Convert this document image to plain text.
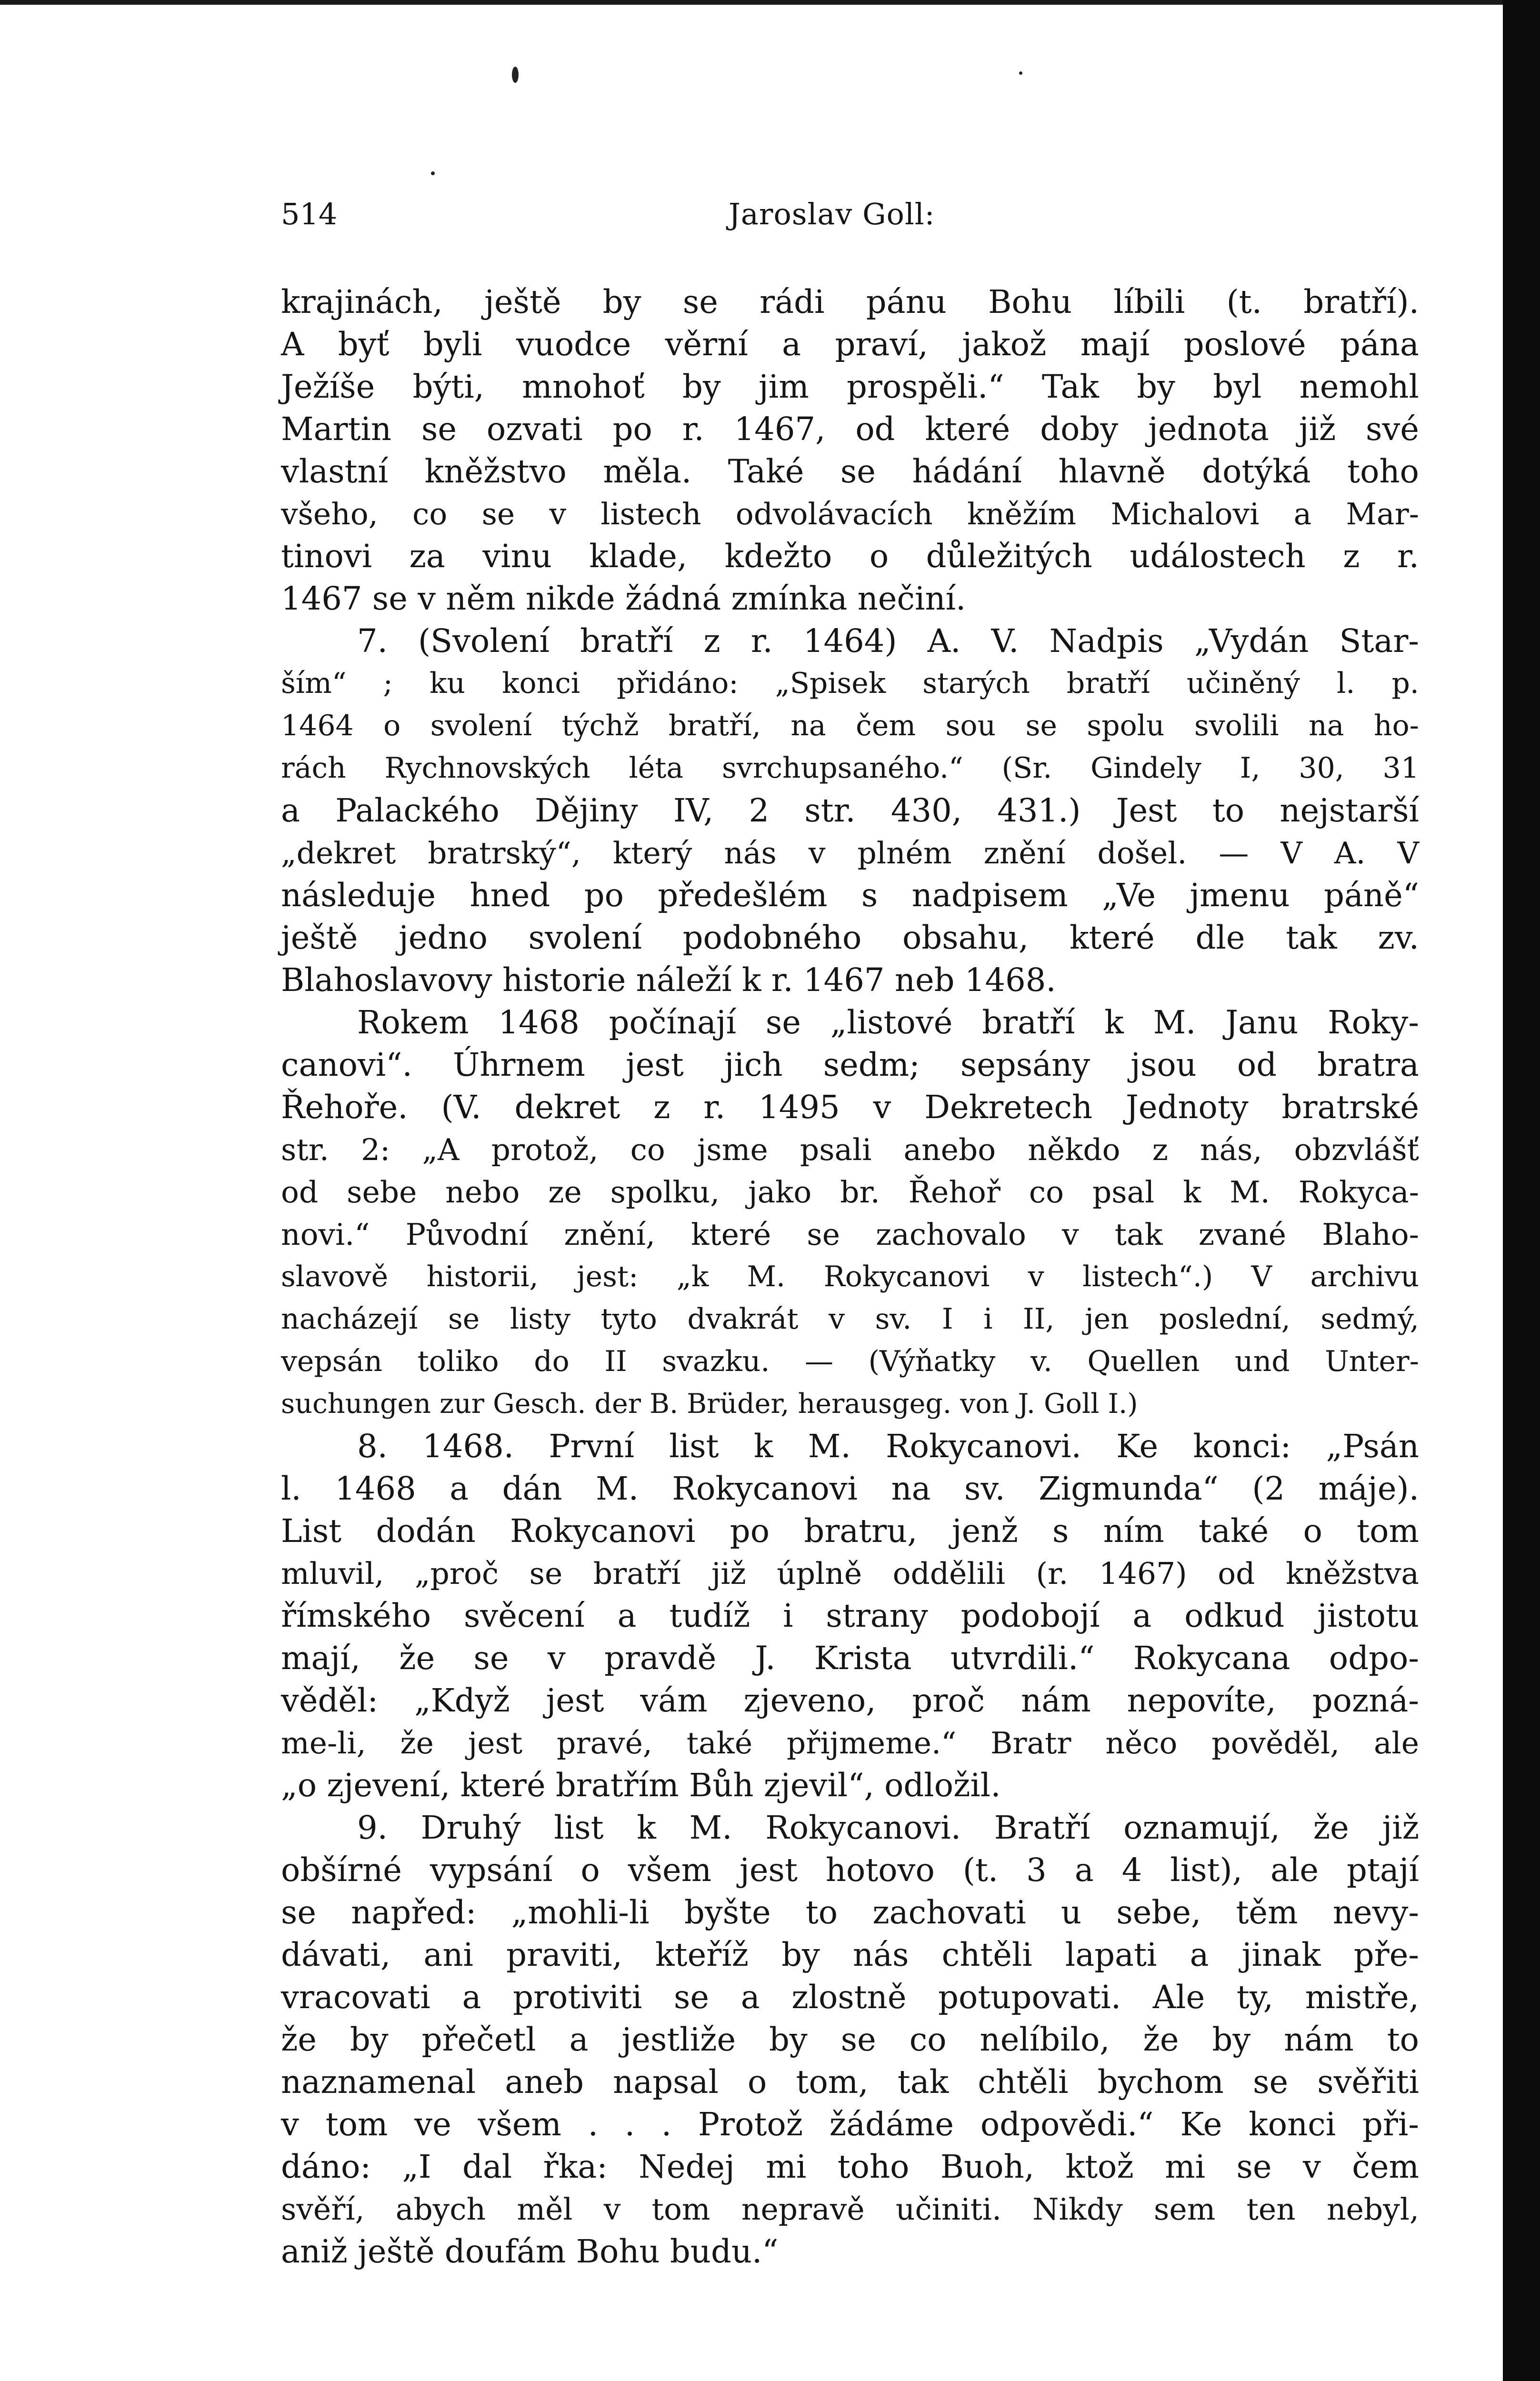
514	Jaroslav Goll:
krajinách, ještě by se rádi pánu Bohu líbili (t. bratří).
A byť byli vuodce věrní a praví, jakož mají poslové pána
Ježíše býti, mnohoť by jim prospěli.“ Tak by byl nemohl
Martin se ozvati po r. 1467, od které doby jednota již své
vlastní kněžstvo měla. Také se hádání hlavně dotýká toho
všeho, co se v listech odvolávacích kněžím Michalovi a Mar-
tinovi za vinu klade, kdežto o důležitých událostech z r.
1467 se v něm nikde žádná zmínka nečiní.
7. (Svolení bratří z r. 1464) A. V. Nadpis „Vydán Star-
ším“ ; ku konci přidáno: „Spisek starých bratří učiněný l. p.
1464 o svolení týchž bratří, na čem sou se spolu svolili na ho-
rách Rychnovských léta svrchupsaného.“ (Sr. Gindely I, 30, 31
a Palackého Dějiny IV, 2 str. 430, 431.) Jest to nejstarší
„dekret bratrský“, který nás v plném znění došel. — V A. V
následuje hned po předešlém s nadpisem „Ve jmenu páně“
ještě jedno svolení podobného obsahu, které dle tak zv.
Blahoslavovy historie náleží k r. 1467 neb 1468.
Rokem 1468 počínají se „listové bratří k M. Janu Roky-
canovi“. Úhrnem jest jich sedm; sepsány jsou od bratra
Řehoře. (V. dekret z r. 1495 v Dekretech Jednoty bratrské
str. 2: „A protož, co jsme psali anebo někdo z nás, obzvlášť
od sebe nebo ze spolku, jako br. Řehoř co psal k M. Rokyca-
novi.“ Původní znění, které se zachovalo v tak zvané Blaho-
slavově historii, jest: „k M. Rokycanovi v listech“.) V archivu
nacházejí se listy tyto dvakrát v sv. I i II, jen poslední, sedmý,
vepsán toliko do II svazku. — (Výňatky v. Quellen und Unter-
suchungen zur Gesch. der B. Brüder, herausgeg. von J. Goll I.)
8. 1468. První list k M. Rokycanovi. Ke konci: „Psán
l. 1468 a dán M. Rokycanovi na sv. Zigmunda“ (2 máje).
List dodán Rokycanovi po bratru, jenž s ním také o tom
mluvil, „proč se bratří již úplně oddělili (r. 1467) od kněžstva
římského svěcení a tudíž i strany podobojí a odkud jistotu
mají, že se v pravdě J. Krista utvrdili.“ Rokycana odpo-
věděl: „Když jest vám zjeveno, proč nám nepovíte, pozná-
me-li, že jest pravé, také přijmeme.“ Bratr něco pověděl, ale
„o zjevení, které bratřím Bůh zjevil“, odložil.
9. Druhý list k M. Rokycanovi. Bratří oznamují, že již
obšírné vypsání o všem jest hotovo (t. 3 a 4 list), ale ptají
se napřed: „mohli-li byšte to zachovati u sebe, těm nevy-
dávati, ani praviti, kteříž by nás chtěli lapati a jinak pře-
vracovati a protiviti se a zlostně potupovati. Ale ty, mistře,
že by přečetl a jestliže by se co nelíbilo, že by nám to
naznamenal aneb napsal o tom, tak chtěli bychom se svěřiti
v tom ve všem . . . Protož žádáme odpovědi.“ Ke konci při-
dáno: „I dal řka: Nedej mi toho Buoh, ktož mi se v čem
svěří, abych měl v tom nepravě učiniti. Nikdy sem ten nebyl,
aniž ještě doufám Bohu budu.“
